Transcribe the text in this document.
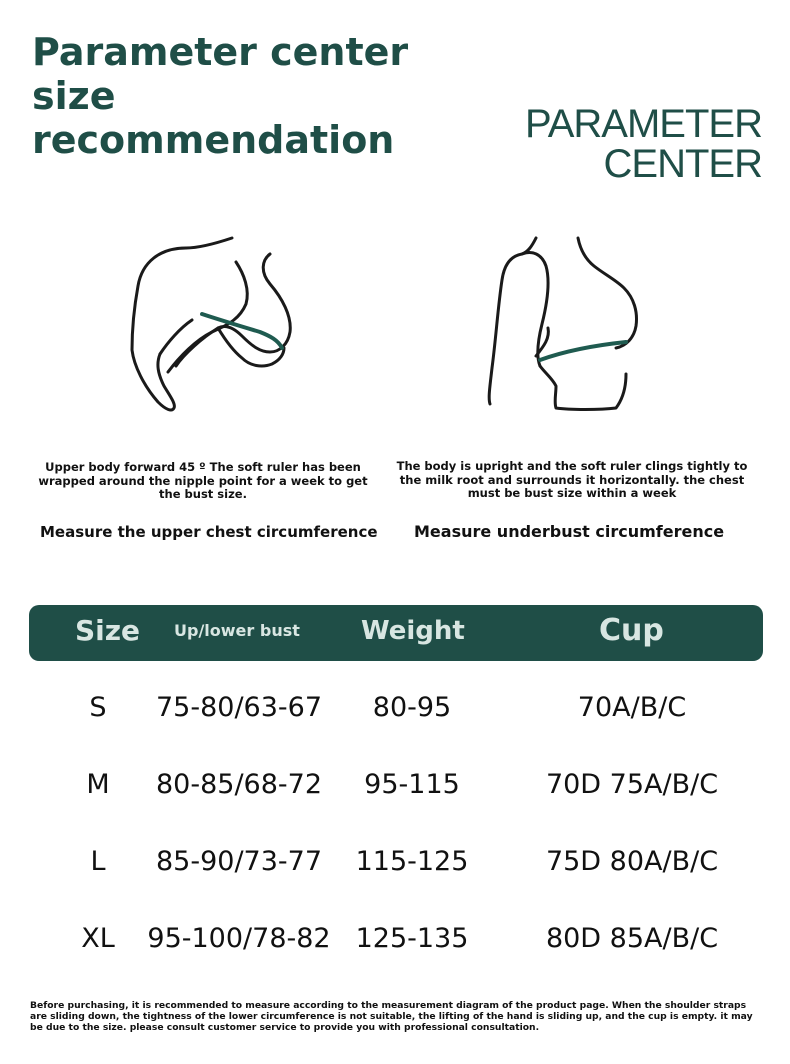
Parameter center
size
recommendation	PARAMETER
CENTER
Upper body forward 45 º The soft ruler has been wrapped around the nipple point for a week to get the bust size.
The body is upright and the soft ruler clings tightly to the milk root and surrounds it horizontally. the chest must be bust size within a week
Measure the upper chest circumference Measure underbust circumference
Size Up/lower bust Weight	Cup
S 75-80/63-67 80-95	70A/B/C
M 80-85/68-72 95-115	70D 75A/B/C
L 85-90/73-77 115-125	75D 80A/B/C
XL 95-100/78-82 125-135	80D 85A/B/C
Before purchasing, it is recommended to measure according to the measurement diagram of the product page. When the shoulder straps are sliding down, the tightness of the lower circumference is not suitable, the lifting of the hand is sliding up, and the cup is empty. it may be due to the size. please consult customer service to provide you with professional consultation.
